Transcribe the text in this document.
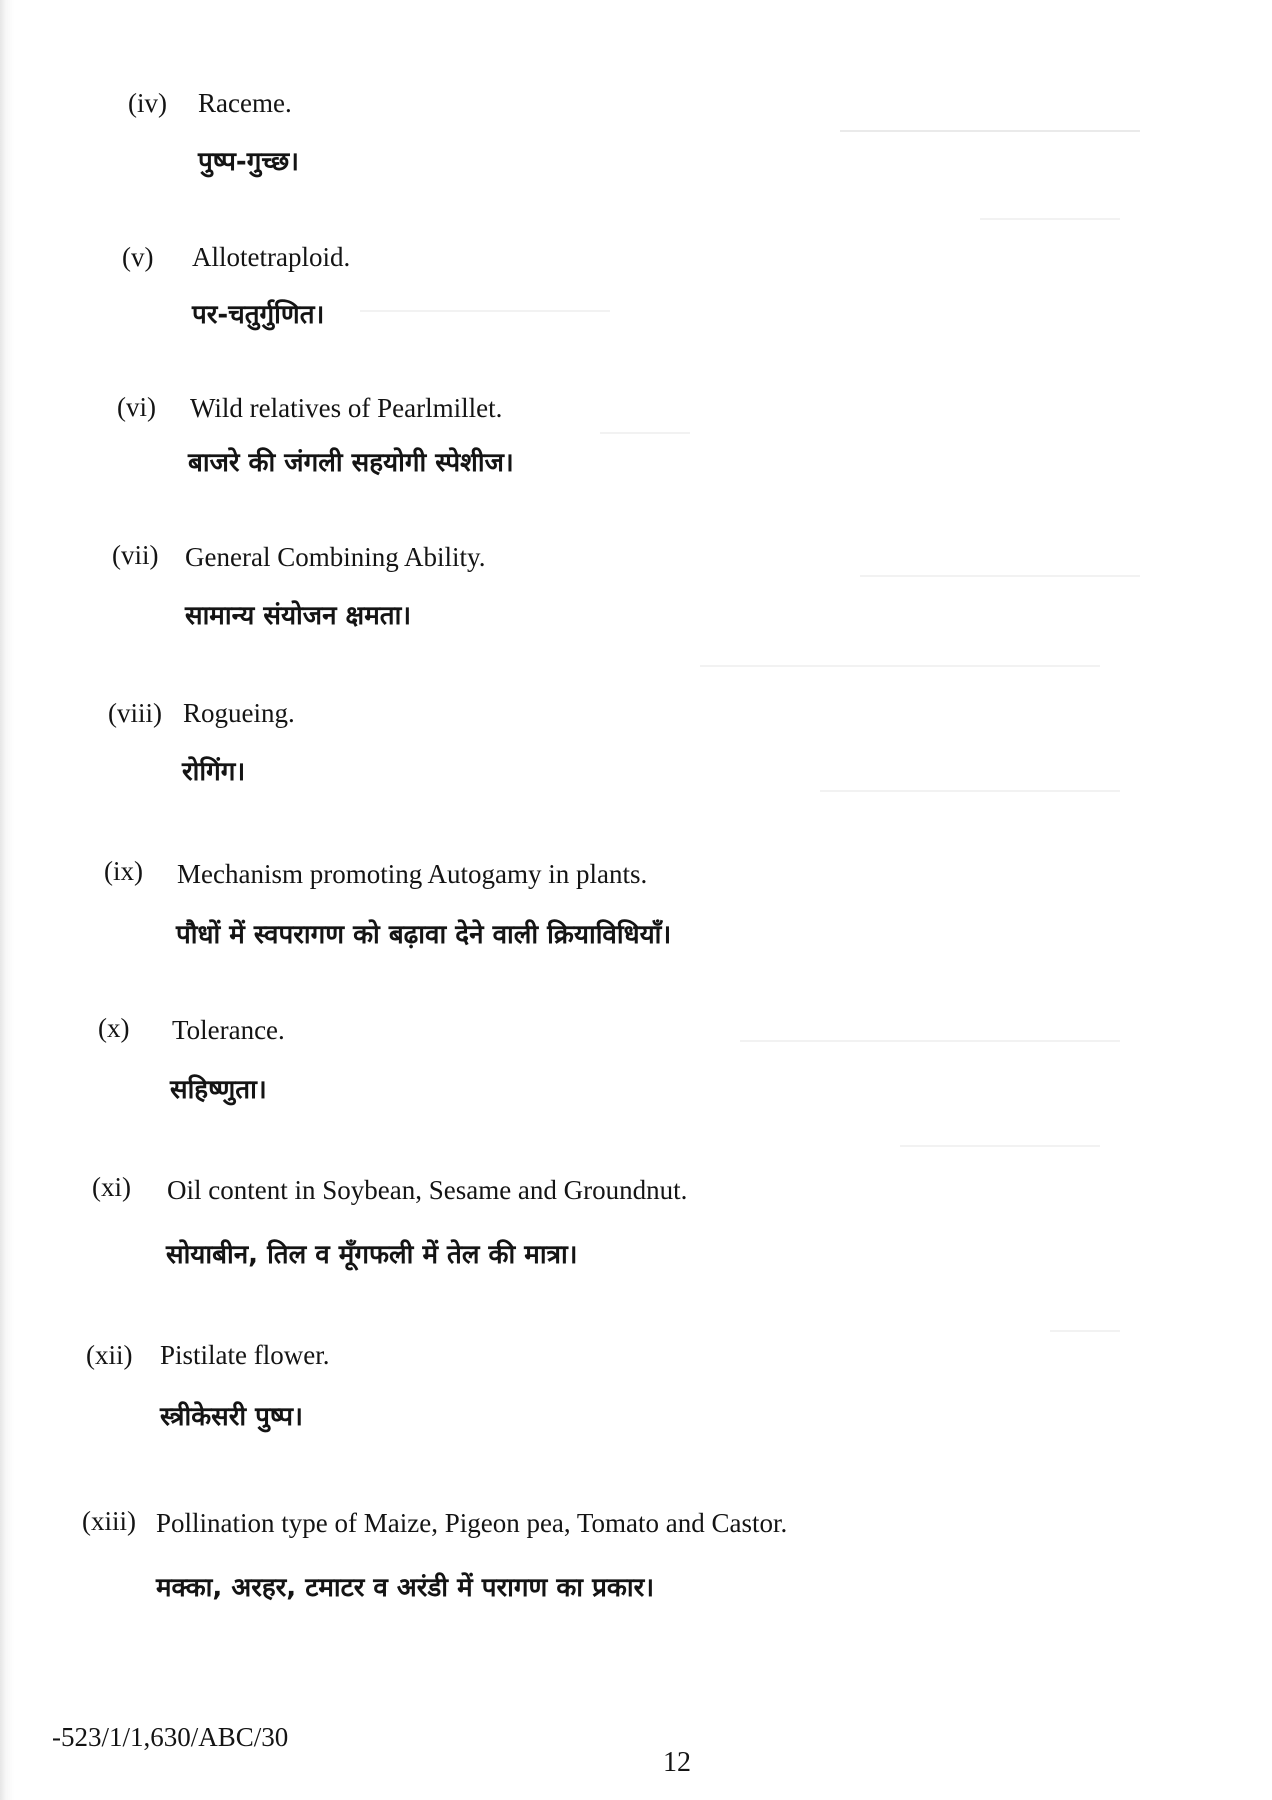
(iv) Raceme.
पुष्प-गुच्छ।
(v) Allotetraploid.
पर-चतुर्गुणित।
(vi) Wild relatives of Pearlmillet.
बाजरे की जंगली सहयोगी स्पेशीज।
(vii) General Combining Ability.
सामान्य संयोजन क्षमता।
(viii) Rogueing.
रोगिंग।
(ix) Mechanism promoting Autogamy in plants.
पौधों में स्वपरागण को बढ़ावा देने वाली क्रियाविधियाँ।
(x) Tolerance.
सहिष्णुता।
(xi) Oil content in Soybean, Sesame and Groundnut.
सोयाबीन, तिल व मूँगफली में तेल की मात्रा।
(xii) Pistilate flower.
स्त्रीकेसरी पुष्प।
(xiii) Pollination type of Maize, Pigeon pea, Tomato and Castor.
मक्का, अरहर, टमाटर व अरंडी में परागण का प्रकार।
-523/1/1,630/ABC/30
12
